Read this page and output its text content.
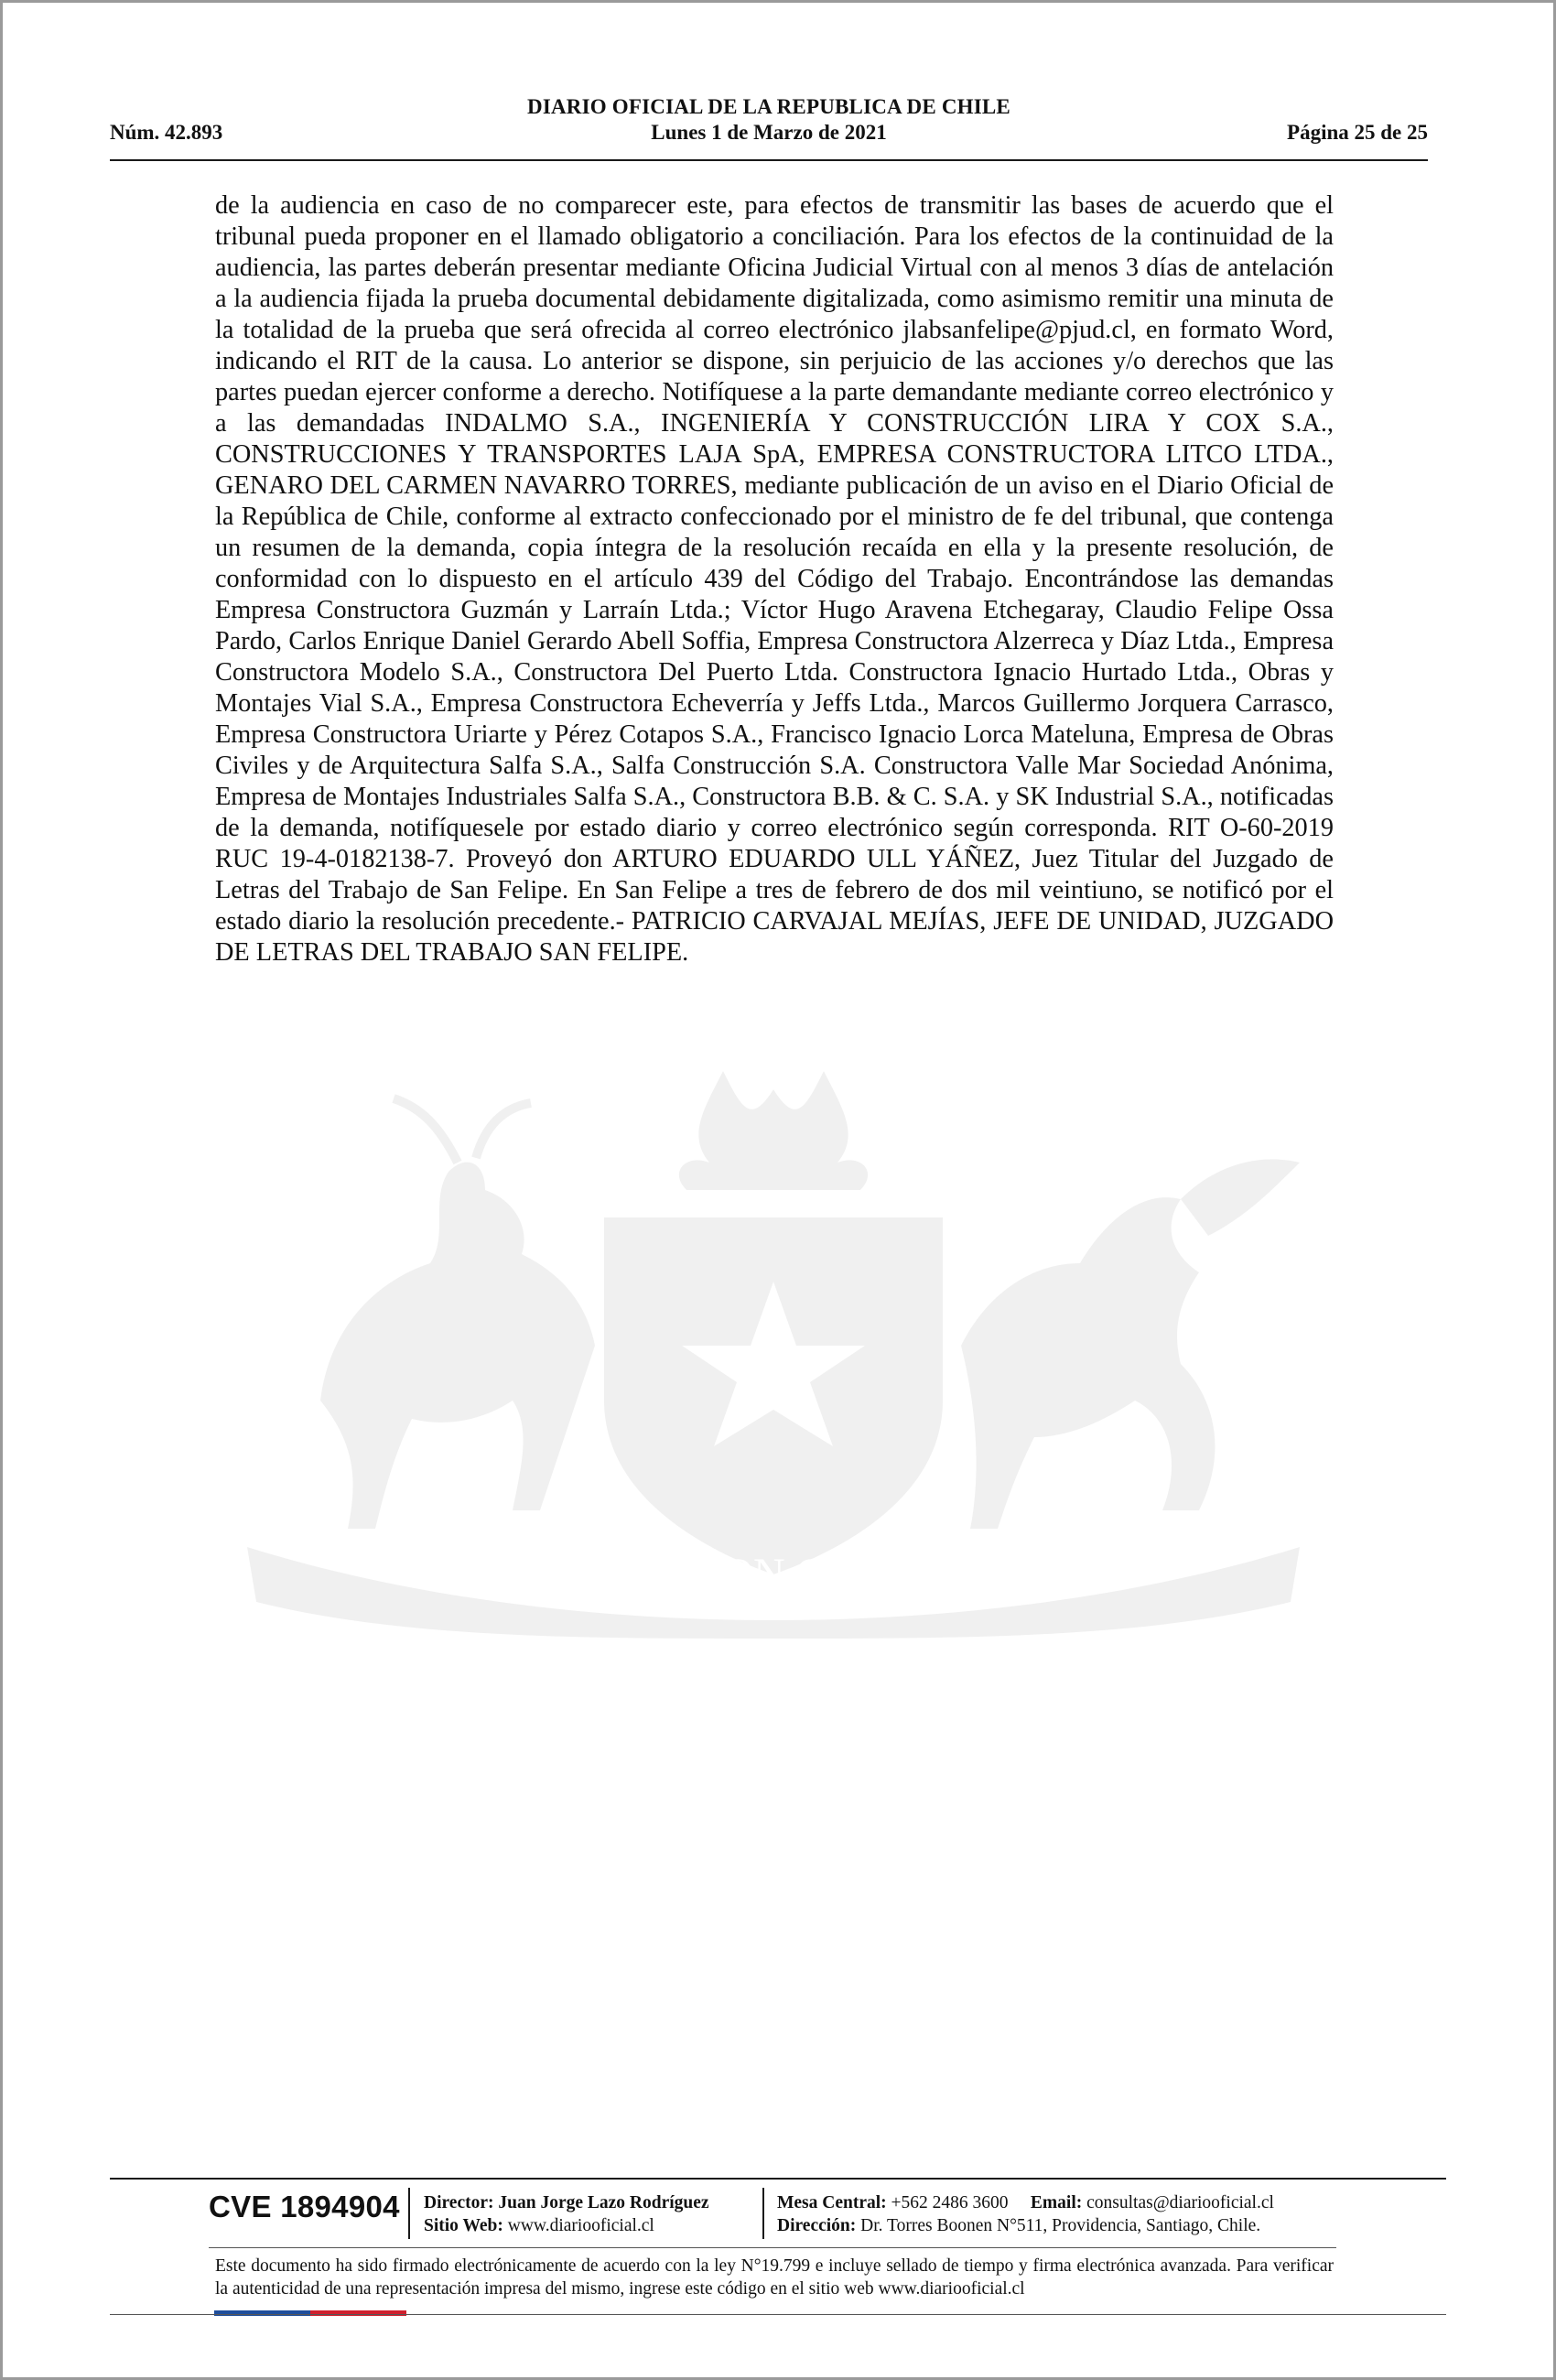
DIARIO OFICIAL DE LA REPUBLICA DE CHILE
Núm. 42.893	Lunes 1 de Marzo de 2021	Página 25 de 25
POR LA RAZON O LA FUERZA
de la audiencia en caso de no comparecer este, para efectos de transmitir las bases de acuerdo que el tribunal pueda proponer en el llamado obligatorio a conciliación. Para los efectos de la continuidad de la audiencia, las partes deberán presentar mediante Oficina Judicial Virtual con al menos 3 días de antelación a la audiencia fijada la prueba documental debidamente digitalizada, como asimismo remitir una minuta de la totalidad de la prueba que será ofrecida al correo electrónico jlabsanfelipe@pjud.cl, en formato Word, indicando el RIT de la causa. Lo anterior se dispone, sin perjuicio de las acciones y/o derechos que las partes puedan ejercer conforme a derecho. Notifíquese a la parte demandante mediante correo electrónico y a las demandadas INDALMO S.A., INGENIERÍA Y CONSTRUCCIÓN LIRA Y COX S.A., CONSTRUCCIONES Y TRANSPORTES LAJA SpA, EMPRESA CONSTRUCTORA LITCO LTDA., GENARO DEL CARMEN NAVARRO TORRES, mediante publicación de un aviso en el Diario Oficial de la República de Chile, conforme al extracto confeccionado por el ministro de fe del tribunal, que contenga un resumen de la demanda, copia íntegra de la resolución recaída en ella y la presente resolución, de conformidad con lo dispuesto en el artículo 439 del Código del Trabajo. Encontrándose las demandas Empresa Constructora Guzmán y Larraín Ltda.; Víctor Hugo Aravena Etchegaray, Claudio Felipe Ossa Pardo, Carlos Enrique Daniel Gerardo Abell Soffia, Empresa Constructora Alzerreca y Díaz Ltda., Empresa Constructora Modelo S.A., Constructora Del Puerto Ltda. Constructora Ignacio Hurtado Ltda., Obras y Montajes Vial S.A., Empresa Constructora Echeverría y Jeffs Ltda., Marcos Guillermo Jorquera Carrasco, Empresa Constructora Uriarte y Pérez Cotapos S.A., Francisco Ignacio Lorca Mateluna, Empresa de Obras Civiles y de Arquitectura Salfa S.A., Salfa Construcción S.A. Constructora Valle Mar Sociedad Anónima, Empresa de Montajes Industriales Salfa S.A., Constructora B.B. & C. S.A. y SK Industrial S.A., notificadas de la demanda, notifíquesele por estado diario y correo electrónico según corresponda. RIT O-60-2019 RUC 19-4-0182138-7. Proveyó don ARTURO EDUARDO ULL YÁÑEZ, Juez Titular del Juzgado de Letras del Trabajo de San Felipe. En San Felipe a tres de febrero de dos mil veintiuno, se notificó por el estado diario la resolución precedente.- PATRICIO CARVAJAL MEJÍAS, JEFE DE UNIDAD, JUZGADO DE LETRAS DEL TRABAJO SAN FELIPE.
CVE 1894904 Director: Juan Jorge Lazo Rodríguez
Sitio Web: www.diariooficial.cl
Mesa Central: +562 2486 3600 Email: consultas@diariooficial.cl
Dirección: Dr. Torres Boonen N°511, Providencia, Santiago, Chile.
Este documento ha sido firmado electrónicamente de acuerdo con la ley N°19.799 e incluye sellado de tiempo y firma electrónica avanzada. Para verificar la autenticidad de una representación impresa del mismo, ingrese este código en el sitio web www.diariooficial.cl
